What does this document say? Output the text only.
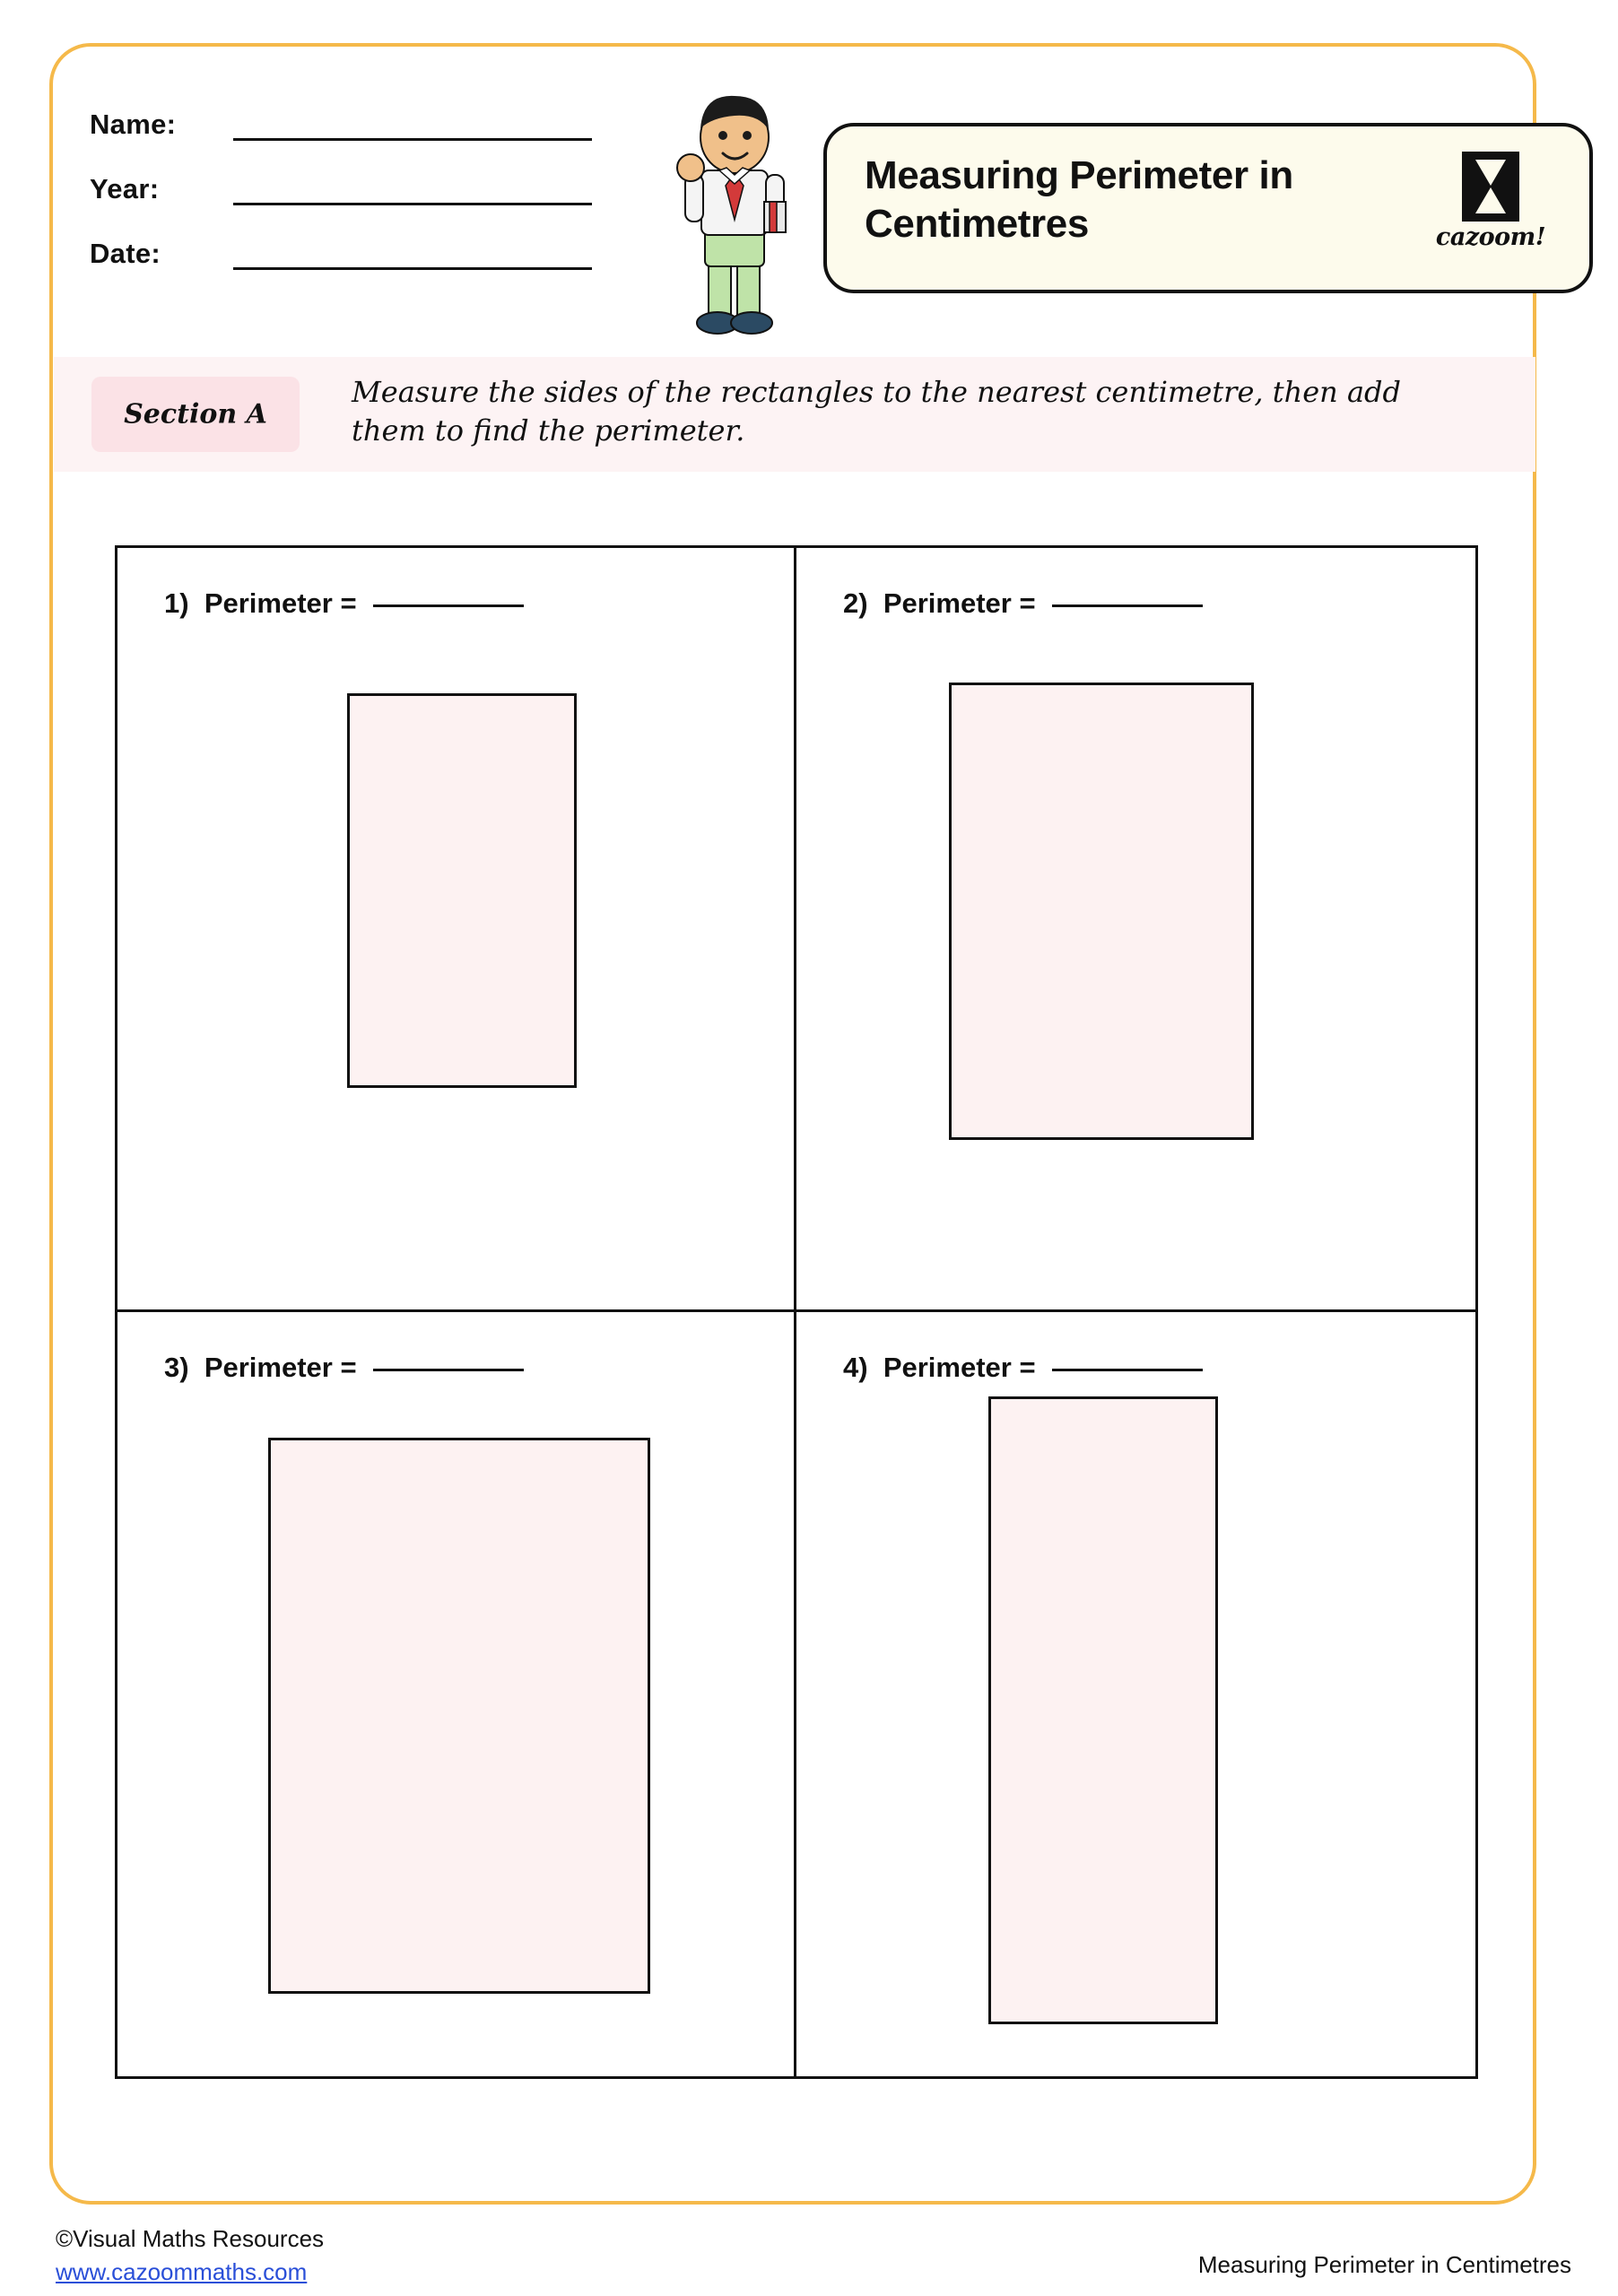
Name:
Year:
Date:
Measuring Perimeter in Centimetres	cazoom!
Section A
Measure the sides of the rectangles to the nearest centimetre, then add them to find the perimeter.
1) Perimeter =	2) Perimeter =
3) Perimeter =	4) Perimeter =
©Visual Maths Resources
www.cazoommaths.com	Measuring Perimeter in Centimetres
